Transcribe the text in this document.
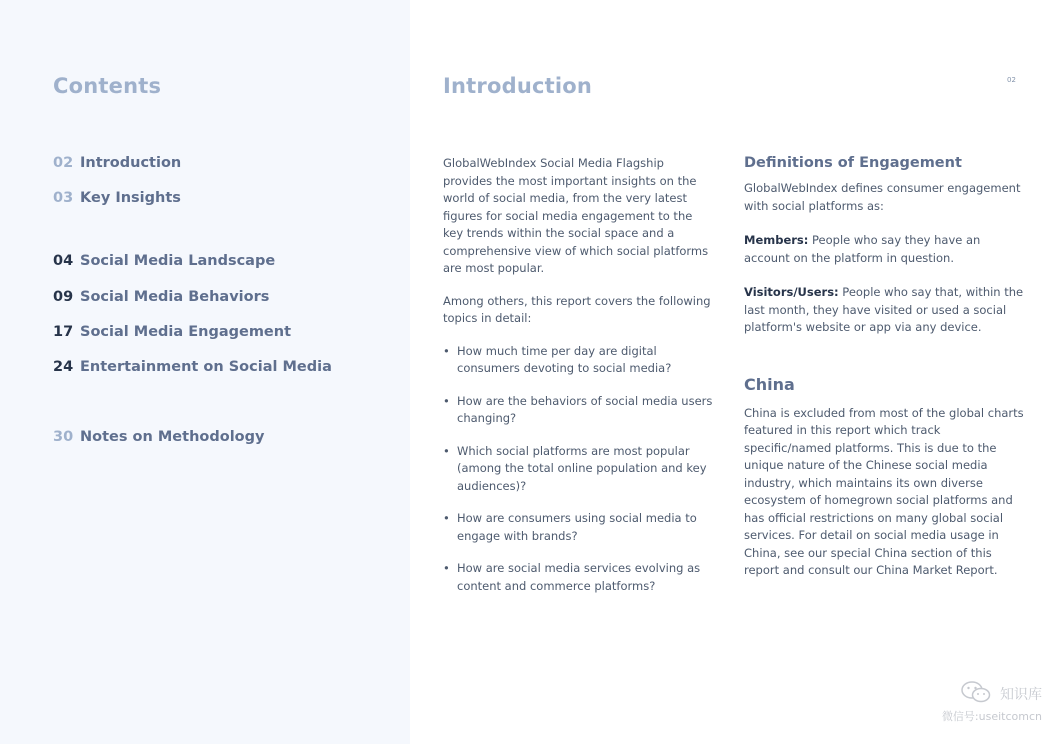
Contents
02 Introduction
03 Key Insights
04 Social Media Landscape
09 Social Media Behaviors
17 Social Media Engagement
24 Entertainment on Social Media
30 Notes on Methodology
Introduction	02

GlobalWebIndex Social Media Flagship provides the most important insights on the world of social media, from the very latest figures for social media engagement to the key trends within the social space and a comprehensive view of which social platforms are most popular.

Among others, this report covers the following topics in detail:

• How much time per day are digital consumers devoting to social media?
• How are the behaviors of social media users changing?
• Which social platforms are most popular (among the total online population and key audiences)?
• How are consumers using social media to engage with brands?
• How are social media services evolving as content and commerce platforms?
Definitions of Engagement

GlobalWebIndex defines consumer engagement with social platforms as:

Members: People who say they have an account on the platform in question.

Visitors/Users: People who say that, within the last month, they have visited or used a social platform's website or app via any device.

China

China is excluded from most of the global charts featured in this report which track specific/named platforms. This is due to the unique nature of the Chinese social media industry, which maintains its own diverse ecosystem of homegrown social platforms and has official restrictions on many global social services. For detail on social media usage in China, see our special China section of this report and consult our China Market Report.

知识库
微信号:useitcomcn
